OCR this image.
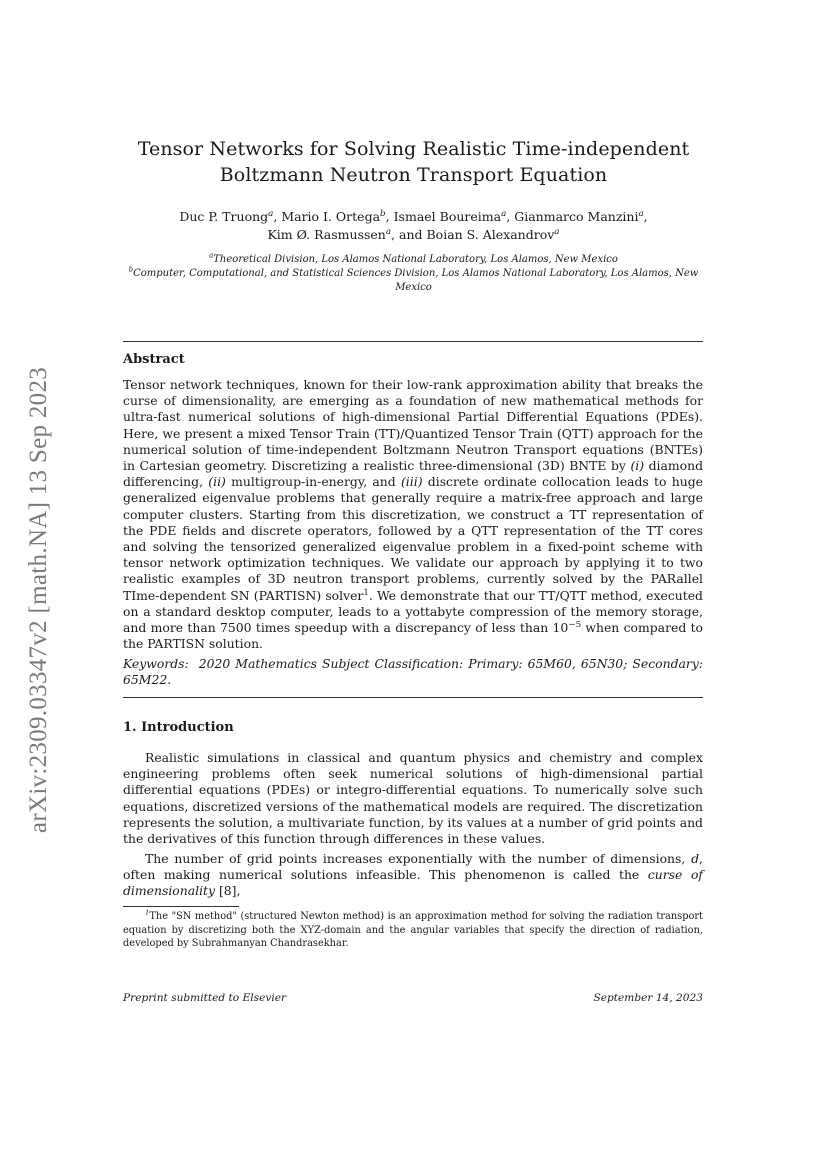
arXiv:2309.03347v2 [math.NA] 13 Sep 2023
Tensor Networks for Solving Realistic Time-independent
Boltzmann Neutron Transport Equation
Duc P. Truong$^a$, Mario I. Ortega$^b$, Ismael Boureima$^a$, Gianmarco Manzini$^a$,
Kim Ø. Rasmussen$^a$, and Boian S. Alexandrov$^a$
$^a$Theoretical Division, Los Alamos National Laboratory, Los Alamos, New Mexico
$^b$Computer, Computational, and Statistical Sciences Division, Los Alamos National Laboratory, Los Alamos, New Mexico
Abstract
Tensor network techniques, known for their low-rank approximation ability that breaks the curse of dimensionality, are emerging as a foundation of new mathematical methods for ultra-fast numerical solutions of high-dimensional Partial Differential Equations (PDEs). Here, we present a mixed Tensor Train (TT)/Quantized Tensor Train (QTT) approach for the numerical solution of time-independent Boltzmann Neutron Transport equations (BNTEs) in Cartesian geometry. Discretizing a realistic three-dimensional (3D) BNTE by (i) diamond differencing, (ii) multigroup-in-energy, and (iii) discrete ordinate collocation leads to huge generalized eigenvalue problems that generally require a matrix-free approach and large computer clusters. Starting from this discretization, we construct a TT representation of the PDE fields and discrete operators, followed by a QTT representation of the TT cores and solving the tensorized generalized eigenvalue problem in a fixed-point scheme with tensor network optimization techniques. We validate our approach by applying it to two realistic examples of 3D neutron transport problems, currently solved by the PARallel TIme-dependent SN (PARTISN) solver$^1$. We demonstrate that our TT/QTT method, executed on a standard desktop computer, leads to a yottabyte compression of the memory storage, and more than 7500 times speedup with a discrepancy of less than $10^{-5}$ when compared to the PARTISN solution.
Keywords: 2020 Mathematics Subject Classification: Primary: 65M60, 65N30; Secondary: 65M22.
1. Introduction
Realistic simulations in classical and quantum physics and chemistry and complex engineering problems often seek numerical solutions of high-dimensional partial differential equations (PDEs) or integro-differential equations. To numerically solve such equations, discretized versions of the mathematical models are required. The discretization represents the solution, a multivariate function, by its values at a number of grid points and the derivatives of this function through differences in these values.
The number of grid points increases exponentially with the number of dimensions, d, often making numerical solutions infeasible. This phenomenon is called the curse of dimensionality [8],
$^1$The "SN method" (structured Newton method) is an approximation method for solving the radiation transport equation by discretizing both the XYZ-domain and the angular variables that specify the direction of radiation, developed by Subrahmanyan Chandrasekhar.
Preprint submitted to Elsevier	September 14, 2023
